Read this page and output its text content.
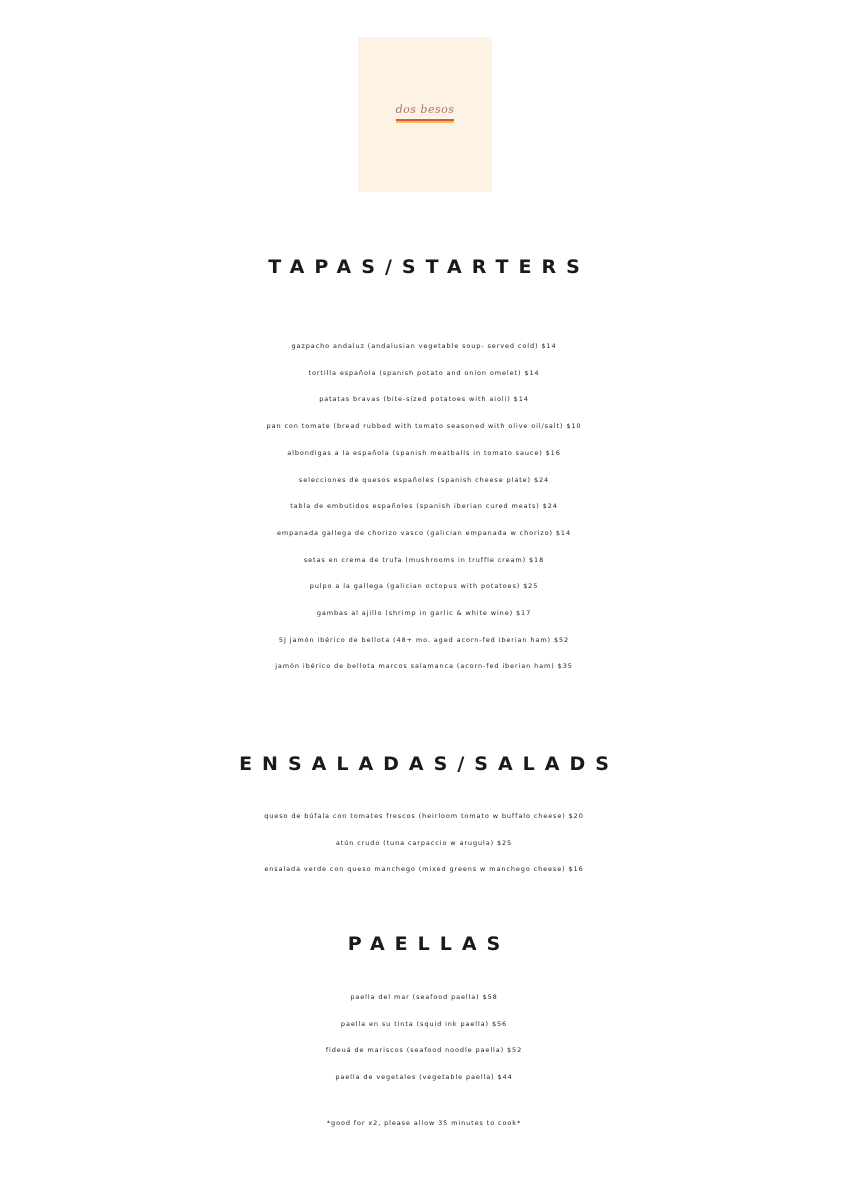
dos besos
TAPAS/STARTERS
gazpacho andaluz (andalusian vegetable soup- served cold) $14
tortilla española (spanish potato and onion omelet) $14
patatas bravas (bite-sized potatoes with aioli) $14
pan con tomate (bread rubbed with tomato seasoned with olive oil/salt) $10
albondigas a la española (spanish meatballs in tomato sauce) $16
selecciones de quesos españoles (spanish cheese plate) $24
tabla de embutidos españoles (spanish iberian cured meats) $24
empanada gallega de chorizo vasco (galician empanada w chorizo) $14
setas en crema de trufa (mushrooms in truffle cream) $18
pulpo a la gallega (galician octopus with potatoes) $25
gambas al ajillo (shrimp in garlic & white wine) $17
5J jamón ibérico de bellota (48+ mo. aged acorn-fed iberian ham) $52
jamón ibérico de bellota marcos salamanca (acorn-fed iberian ham) $35
ENSALADAS/SALADS
queso de búfala con tomates frescos (heirloom tomato w buffalo cheese) $20
atún crudo (tuna carpaccio w arugula) $25
ensalada verde con queso manchego (mixed greens w manchego cheese) $16
PAELLAS
paella del mar (seafood paella) $58
paella en su tinta (squid ink paella) $56
fideuá de mariscos (seafood noodle paella) $52
paella de vegetales (vegetable paella) $44
*good for x2, please allow 35 minutes to cook*
